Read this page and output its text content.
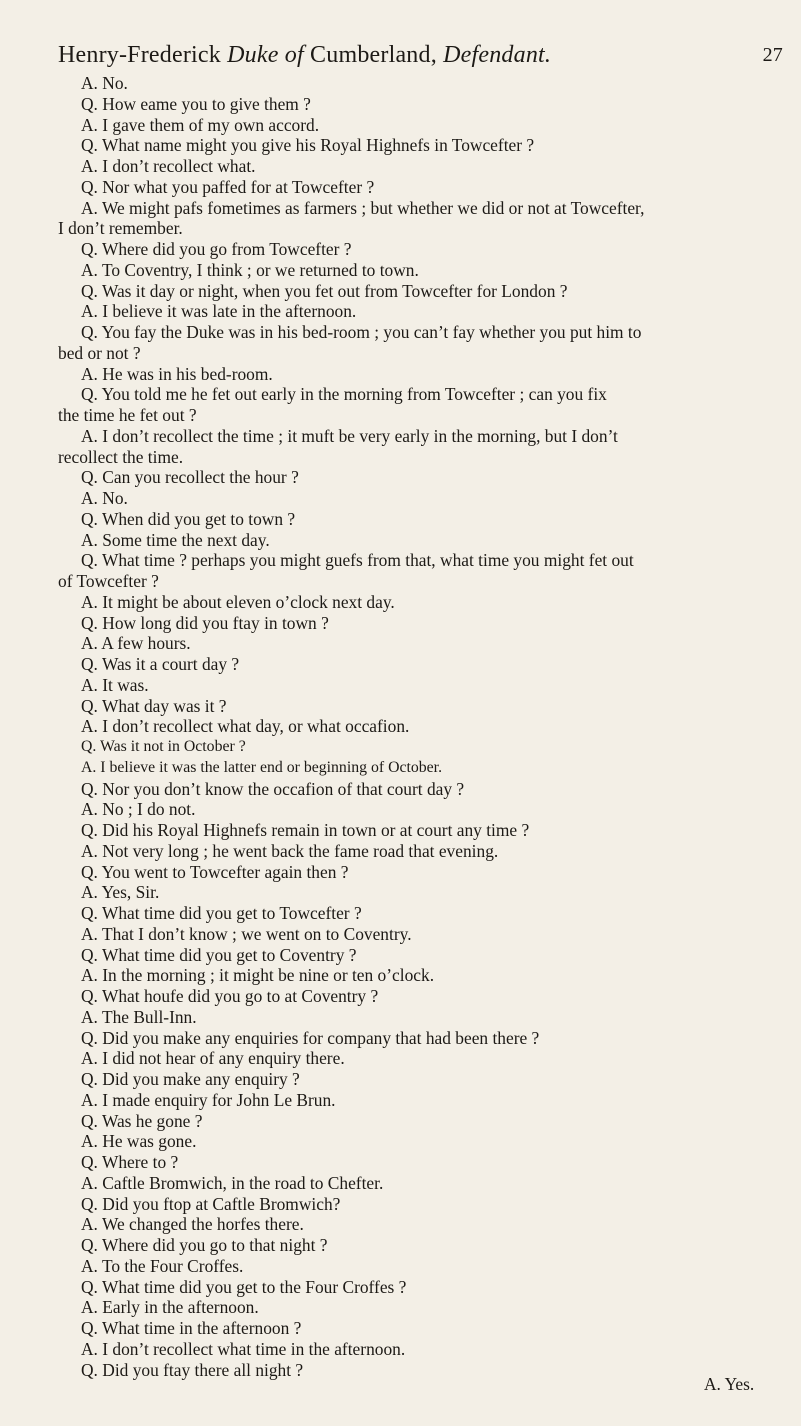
Henry-Frederick Duke of Cumberland, Defendant.	27
A. No.
Q. How eame you to give them ?
A. I gave them of my own accord.
Q. What name might you give his Royal Highnefs in Towcefter ?
A. I don’t recollect what.
Q. Nor what you paffed for at Towcefter ?
A. We might pafs fometimes as farmers ; but whether we did or not at Towcefter,
I don’t remember.
Q. Where did you go from Towcefter ?
A. To Coventry, I think ; or we returned to town.
Q. Was it day or night, when you fet out from Towcefter for London ?
A. I believe it was late in the afternoon.
Q. You fay the Duke was in his bed-room ; you can’t fay whether you put him to
bed or not ?
A. He was in his bed-room.
Q. You told me he fet out early in the morning from Towcefter ; can you fix
the time he fet out ?
A. I don’t recollect the time ; it muft be very early in the morning, but I don’t
recollect the time.
Q. Can you recollect the hour ?
A. No.
Q. When did you get to town ?
A. Some time the next day.
Q. What time ? perhaps you might guefs from that, what time you might fet out
of Towcefter ?
A. It might be about eleven o’clock next day.
Q. How long did you ftay in town ?
A. A few hours.
Q. Was it a court day ?
A. It was.
Q. What day was it ?
A. I don’t recollect what day, or what occafion.
Q. Was it not in October ?
A. I believe it was the latter end or beginning of October.
Q. Nor you don’t know the occafion of that court day ?
A. No ; I do not.
Q. Did his Royal Highnefs remain in town or at court any time ?
A. Not very long ; he went back the fame road that evening.
Q. You went to Towcefter again then ?
A. Yes, Sir.
Q. What time did you get to Towcefter ?
A. That I don’t know ; we went on to Coventry.
Q. What time did you get to Coventry ?
A. In the morning ; it might be nine or ten o’clock.
Q. What houfe did you go to at Coventry ?
A. The Bull-Inn.
Q. Did you make any enquiries for company that had been there ?
A. I did not hear of any enquiry there.
Q. Did you make any enquiry ?
A. I made enquiry for John Le Brun.
Q. Was he gone ?
A. He was gone.
Q. Where to ?
A. Caftle Bromwich, in the road to Chefter.
Q. Did you ftop at Caftle Bromwich?
A. We changed the horfes there.
Q. Where did you go to that night ?
A. To the Four Croffes.
Q. What time did you get to the Four Croffes ?
A. Early in the afternoon.
Q. What time in the afternoon ?
A. I don’t recollect what time in the afternoon.
Q. Did you ftay there all night ?
A. Yes.
